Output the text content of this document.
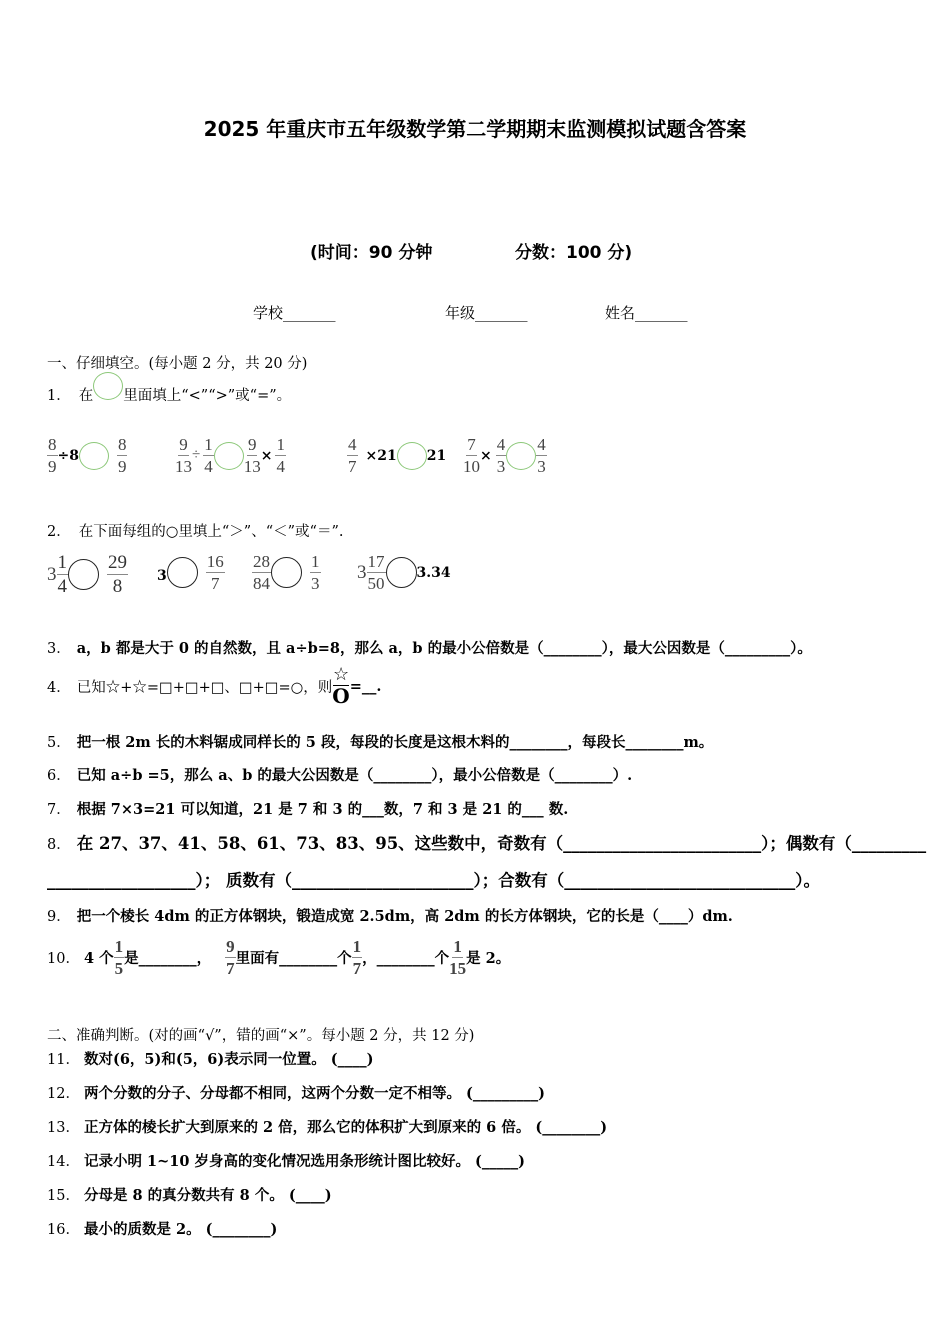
2025 年重庆市五年级数学第二学期期末监测模拟试题含答案
(时间：90 分钟	分数：100 分)
学校_______	年级_______	姓名_______
一、仔细填空。(每小题 2 分，共 20 分)
1． 在 里面填上“<”“>”或“=”。
$\frac{8}{9} \div 8 \frac{8}{9}$	$\frac{9}{13} \div \frac{1}{4} \frac{9}{13} \times \frac{1}{4}$	$\frac{4}{7} \times 21$ $21 \frac{7}{10} \times \frac{4}{3} \frac{4}{3}$
2． 在下面每组的○里填上“＞”、“＜”或“＝”.
$3 \frac{1}{4} \frac{29}{8} 3 \frac{16}{7} \frac{28}{84} \frac{1}{3} 3 \frac{17}{50} 3.34$
3． a，b 都是大于 0 的自然数，且 a÷b=8，那么 a，b 的最小公倍数是（________），最大公因数是（_________）。
4． 已知☆+☆=□+□+□、□+□=○，则
☆
O =__.
5． 把一根 2m 长的木料锯成同样长的 5 段，每段的长度是这根木料的________，每段长________m。
6． 已知 a÷b =5，那么 a、b 的最大公因数是（________），最小公倍数是（________）.
7． 根据 7×3=21 可以知道，21 是 7 和 3 的___数，7 和 3 是 21 的___ 数.
8． 在 27、37、41、58、61、73、83、95、这些数中，奇数有（________________________）；偶数有（_________
__________________）； 质数有（______________________）；合数有（____________________________）。
9． 把一个棱长 4dm 的正方体钢块，锻造成宽 2.5dm，高 2dm 的长方体钢块，它的长是（____）dm.
10． 4 个 $\frac{1}{5}$ 是________， $\frac{9}{7}$ 里面有________个 $\frac{1}{7}$ ，________个 $\frac{1}{15}$ 是 2。
二、准确判断。(对的画“√”，错的画“×”。每小题 2 分，共 12 分)
11． 数对(6，5)和(5，6)表示同一位置。 (____)
12． 两个分数的分子、分母都不相同，这两个分数一定不相等。 (_________)
13． 正方体的棱长扩大到原来的 2 倍，那么它的体积扩大到原来的 6 倍。 (________)
14． 记录小明 1~10 岁身高的变化情况选用条形统计图比较好。 (_____)
15． 分母是 8 的真分数共有 8 个。 (____)
16． 最小的质数是 2。 (________)
